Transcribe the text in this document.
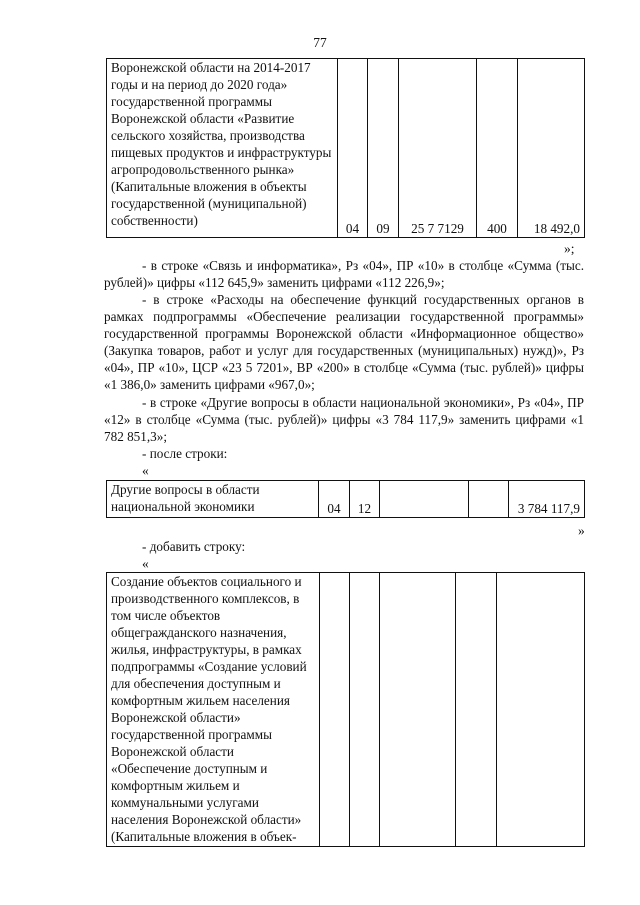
77
Воронежской области на 2014-2017 годы и на период до 2020 года» государственной программы Воронежской области «Развитие сельского хозяйства, производства пищевых продуктов и инфраструктуры агропродовольственного рынка» (Капитальные вложения в объекты государственной (муниципальной) собственности)	04	09	25 7 7129	400	18 492,0
»;
- в строке «Связь и информатика», Рз «04», ПР «10» в столбце «Сумма (тыс. рублей)» цифры «112 645,9» заменить цифрами «112 226,9»;
- в строке «Расходы на обеспечение функций государственных органов в рамках подпрограммы «Обеспечение реализации государственной программы» государственной программы Воронежской области «Информационное общество» (Закупка товаров, работ и услуг для государственных (муниципальных) нужд)», Рз «04», ПР «10», ЦСР «23 5 7201», ВР «200» в столбце «Сумма (тыс. рублей)» цифры «1 386,0» заменить цифрами «967,0»;
- в строке «Другие вопросы в области национальной экономики», Рз «04», ПР «12» в столбце «Сумма (тыс. рублей)» цифры «3 784 117,9» заменить цифрами «1 782 851,3»;
- после строки:
«
Другие вопросы в области национальной экономики	04	12			3 784 117,9
»
- добавить строку:
«
Создание объектов социального и производственного комплексов, в том числе объектов общегражданского назначения, жилья, инфраструктуры, в рамках подпрограммы «Создание условий для обеспечения доступным и комфортным жильем населения Воронежской области» государственной программы Воронежской области «Обеспечение доступным и комфортным жильем и коммунальными услугами населения Воронежской области» (Капитальные вложения в объек-					
